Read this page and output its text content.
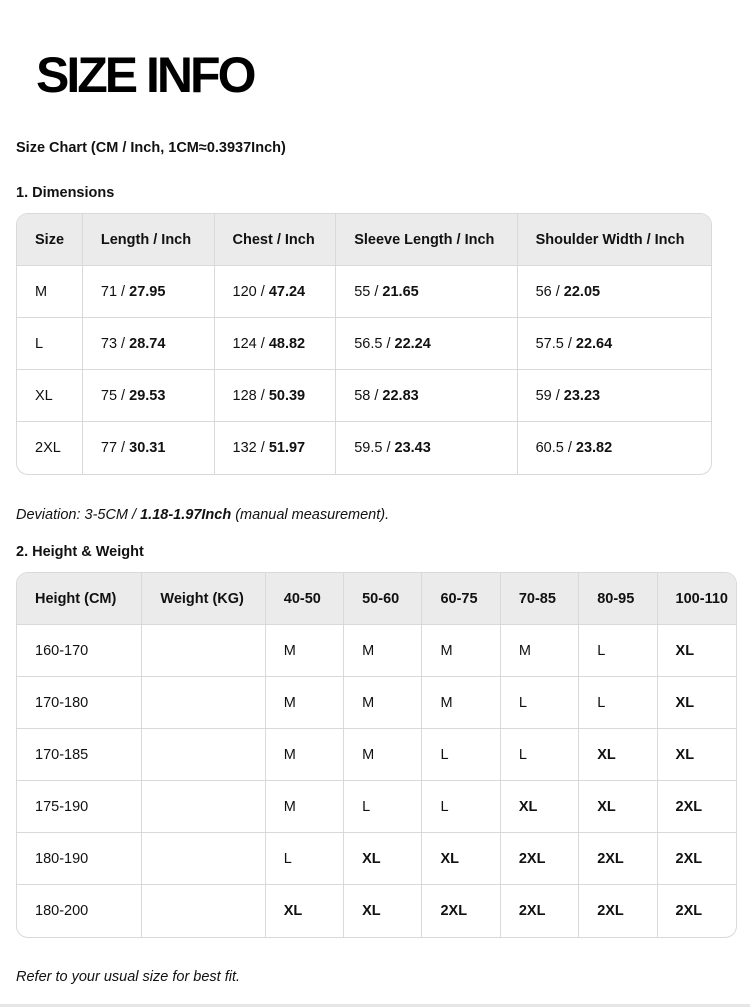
SIZE INFO
Size Chart (CM / Inch, 1CM≈0.3937Inch)
1. Dimensions
Size	Length / Inch	Chest / Inch	Sleeve Length / Inch	Shoulder Width / Inch
M	71 / 27.95	120 / 47.24	55 / 21.65	56 / 22.05
L	73 / 28.74	124 / 48.82	56.5 / 22.24	57.5 / 22.64
XL	75 / 29.53	128 / 50.39	58 / 22.83	59 / 23.23
2XL	77 / 30.31	132 / 51.97	59.5 / 23.43	60.5 / 23.82
Deviation: 3-5CM / 1.18-1.97Inch (manual measurement).
2. Height & Weight
Height (CM)	Weight (KG)	40-50	50-60	60-75	70-85	80-95	100-110
160-170		M	M	M	M	L	XL
170-180		M	M	M	L	L	XL
170-185		M	M	L	L	XL	XL
175-190		M	L	L	XL	XL	2XL
180-190		L	XL	XL	2XL	2XL	2XL
180-200		XL	XL	2XL	2XL	2XL	2XL
Refer to your usual size for best fit.
